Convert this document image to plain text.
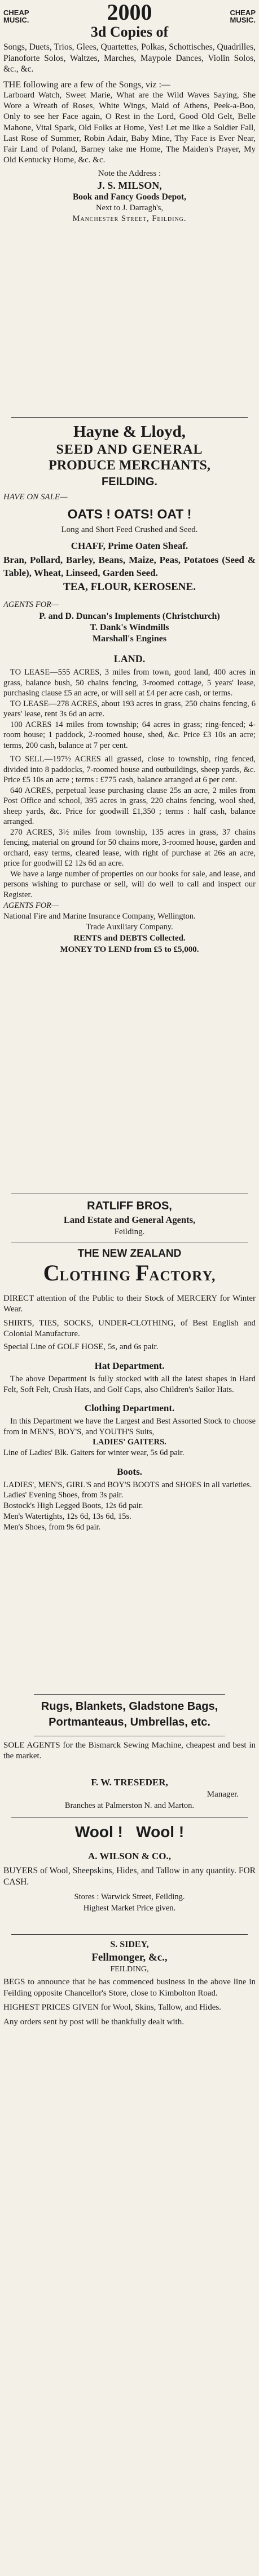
CHEAP
MUSIC.	2000	CHEAP
MUSIC.
3d Copies of

Songs, Duets, Trios, Glees, Quartettes, Polkas, Schottisches, Quadrilles, Pianoforte Solos, Waltzes, Marches, Maypole Dances, Violin Solos, &c., &c.

THE following are a few of the Songs, viz :—

Larboard Watch, Sweet Marie, What are the Wild Waves Saying, She Wore a Wreath of Roses, White Wings, Maid of Athens, Peek-a-Boo, Only to see her Face again, O Rest in the Lord, Good Old Gelt, Belle Mahone, Vital Spark, Old Folks at Home, Yes! Let me like a Soldier Fall, Last Rose of Summer, Robin Adair, Baby Mine, Thy Face is Ever Near, Fair Land of Poland, Barney take me Home, The Maiden's Prayer, My Old Kentucky Home, &c. &c.

Note the Address :
J. S. MILSON,
Book and Fancy Goods Depot,
Next to J. Darragh's,
Manchester Street, Feilding.
Hayne & Lloyd,
SEED AND GENERAL
PRODUCE MERCHANTS,
FEILDING.

HAVE ON SALE—

OATS ! OATS! OAT !
Long and Short Feed Crushed and Seed.
CHAFF, Prime Oaten Sheaf.

Bran, Pollard, Barley, Beans, Maize, Peas, Potatoes (Seed & Table), Wheat, Linseed, Garden Seed.

TEA, FLOUR, KEROSENE.

AGENTS FOR—

P. and D. Duncan's Implements (Christchurch)
T. Dank's Windmills
Marshall's Engines

LAND.

TO LEASE—555 ACRES, 3 miles from town, good land, 400 acres in grass, balance bush, 50 chains fencing, 3-roomed cottage, 5 years' lease, purchasing clause £5 an acre, or will sell at £4 per acre cash, or terms.

TO LEASE—278 ACRES, about 193 acres in grass, 250 chains fencing, 6 years' lease, rent 3s 6d an acre.

100 ACRES 14 miles from township; 64 acres in grass; ring-fenced; 4-room house; 1 paddock, 2-roomed house, shed, &c. Price £3 10s an acre; terms, 200 cash, balance at 7 per cent.

TO SELL—197½ ACRES all grassed, close to township, ring fenced, divided into 8 paddocks, 7-roomed house and outbuildings, sheep yards, &c. Price £5 10s an acre ; terms : £775 cash, balance arranged at 6 per cent.

640 ACRES, perpetual lease purchasing clause 25s an acre, 2 miles from Post Office and school, 395 acres in grass, 220 chains fencing, wool shed, sheep yards, &c. Price for goodwill £1,350 ; terms : half cash, balance arranged.

270 ACRES, 3½ miles from township, 135 acres in grass, 37 chains fencing, material on ground for 50 chains more, 3-roomed house, garden and orchard, easy terms, cleared lease, with right of purchase at 26s an acre, price for goodwill £2 12s 6d an acre.

We have a large number of properties on our books for sale, and lease, and persons wishing to purchase or sell, will do well to call and inspect our Register.

AGENTS FOR—

National Fire and Marine Insurance Company, Wellington.

Trade Auxiliary Company.
RENTS and DEBTS Collected.
MONEY TO LEND from £5 to £5,000.
RATLIFF BROS,
Land Estate and General Agents,
Feilding.
THE NEW ZEALAND
CLOTHING FACTORY,

DIRECT attention of the Public to their Stock of MERCERY for Winter Wear.

SHIRTS, TIES, SOCKS, UNDER-CLOTHING, of Best English and Colonial Manufacture.

Special Line of GOLF HOSE, 5s, and 6s pair.

Hat Department.

The above Department is fully stocked with all the latest shapes in Hard Felt, Soft Felt, Crush Hats, and Golf Caps, also Children's Sailor Hats.

Clothing Department.

In this Department we have the Largest and Best Assorted Stock to choose from in MEN'S, BOY'S, and YOUTH'S Suits,

LADIES' GAITERS.

Line of Ladies' Blk. Gaiters for winter wear, 5s 6d pair.

Boots.

LADIES', MEN'S, GIRL'S and BOY'S BOOTS and SHOES in all varieties.

Ladies' Evening Shoes, from 3s pair.

Bostock's High Legged Boots, 12s 6d pair.

Men's Watertights, 12s 6d, 13s 6d, 15s.

Men's Shoes, from 9s 6d pair.

Rugs, Blankets, Gladstone Bags,
Portmanteaus, Umbrellas, etc.

SOLE AGENTS for the Bismarck Sewing Machine, cheapest and best in the market.

F. W. TRESEDER,
Manager.
Branches at Palmerston N. and Marton.
Wool ! Wool !
A. WILSON & CO.,

BUYERS of Wool, Sheepskins, Hides, and Tallow in any quantity. FOR CASH.

Stores : Warwick Street, Feilding.
Highest Market Price given.
S. SIDEY,
Fellmonger, &c.,
FEILDING,

BEGS to announce that he has commenced business in the above line in Feilding opposite Chancellor's Store, close to Kimbolton Road.

HIGHEST PRICES GIVEN for Wool, Skins, Tallow, and Hides.

Any orders sent by post will be thankfully dealt with.
